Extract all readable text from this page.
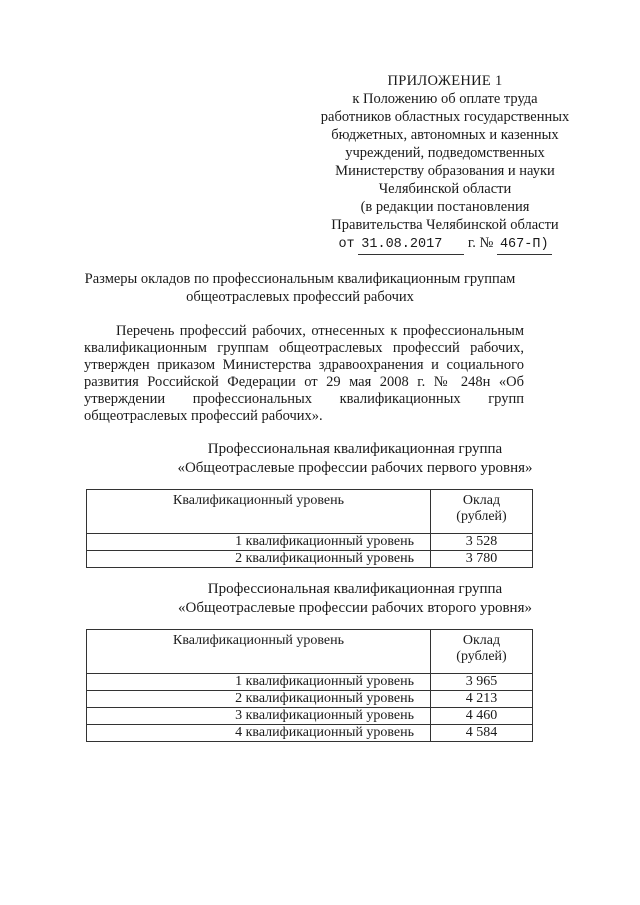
ПРИЛОЖЕНИЕ 1
к Положению об оплате труда
работников областных государственных
бюджетных, автономных и казенных
учреждений, подведомственных
Министерству образования и науки
Челябинской области
(в редакции постановления
Правительства Челябинской области
от 31.08.2017 г. № 467-П)
Размеры окладов по профессиональным квалификационным группам
общеотраслевых профессий рабочих
Перечень профессий рабочих, отнесенных к профессиональным квалификационным группам общеотраслевых профессий рабочих, утвержден приказом Министерства здравоохранения и социального развития Российской Федерации от 29 мая 2008 г. № 248н «Об утверждении профессиональных квалификационных групп общеотраслевых профессий рабочих».
Профессиональная квалификационная группа
«Общеотраслевые профессии рабочих первого уровня»
Квалификационный уровень	Оклад
(рублей)
1 квалификационный уровень	3 528
2 квалификационный уровень	3 780
Профессиональная квалификационная группа
«Общеотраслевые профессии рабочих второго уровня»
Квалификационный уровень	Оклад
(рублей)
1 квалификационный уровень	3 965
2 квалификационный уровень	4 213
3 квалификационный уровень	4 460
4 квалификационный уровень	4 584
